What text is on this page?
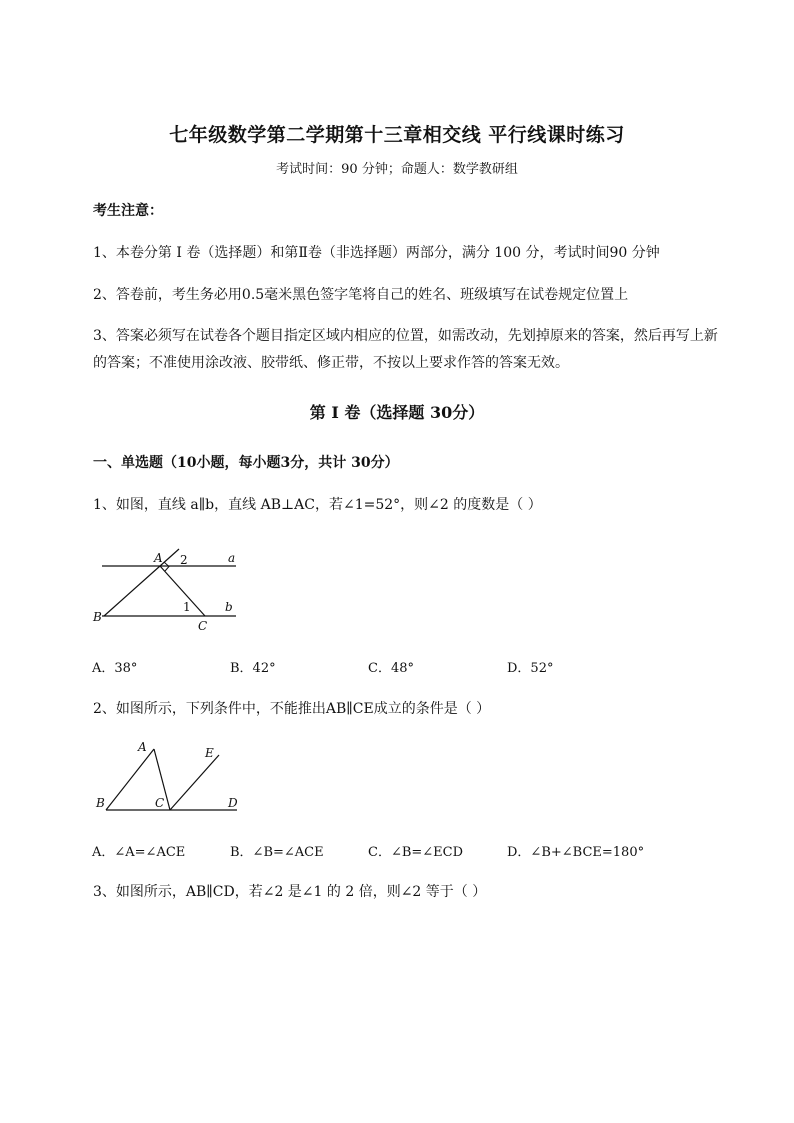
七年级数学第二学期第十三章相交线 平行线课时练习
考试时间：90 分钟；命题人：数学教研组
考生注意：
1、本卷分第 I 卷（选择题）和第Ⅱ卷（非选择题）两部分，满分 100 分，考试时间90 分钟
2、答卷前，考生务必用0.5毫米黑色签字笔将自己的姓名、班级填写在试卷规定位置上
3、答案必须写在试卷各个题目指定区域内相应的位置，如需改动，先划掉原来的答案，然后再写上新
的答案；不准使用涂改液、胶带纸、修正带，不按以上要求作答的答案无效。
第 I 卷（选择题 30分）
一、单选题（10小题，每小题3分，共计 30分）
1、如图，直线 a∥b，直线 AB⊥AC，若∠1=52°，则∠2 的度数是（ ）
A 2	a
B
1	b
C
A．38°	B．42°	C．48°	D．52°
2、如图所示，下列条件中，不能推出AB∥CE成立的条件是（ ）
A	E
B	C	D
A．∠A=∠ACE	B．∠B=∠ACE	C．∠B=∠ECD	D．∠B+∠BCE=180°
3、如图所示，AB∥CD，若∠2 是∠1 的 2 倍，则∠2 等于（ ）
